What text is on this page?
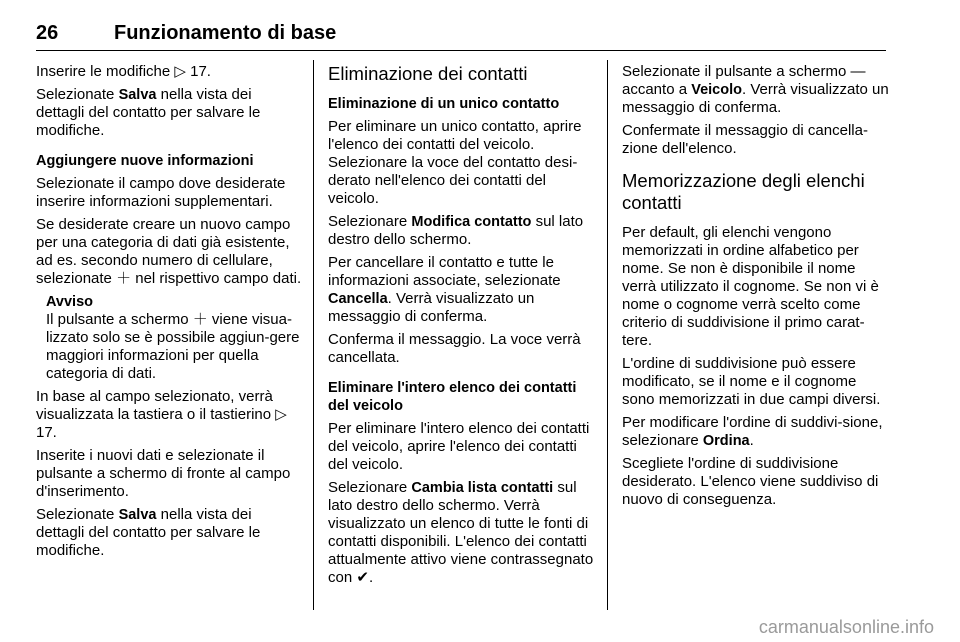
26	Funzionamento di base

Inserire le modifiche ▷ 17.

Selezionate Salva nella vista dei dettagli del contatto per salvare le modifiche.

Aggiungere nuove informazioni

Selezionate il campo dove desiderate inserire informazioni supplementari.

Se desiderate creare un nuovo campo per una categoria di dati già esistente, ad es. secondo numero di cellulare, selezionate ＋ nel rispettivo campo dati.

Avviso

Il pulsante a schermo ＋ viene visua-lizzato solo se è possibile aggiun-gere maggiori informazioni per quella categoria di dati.

In base al campo selezionato, verrà visualizzata la tastiera o il tastierino ▷ 17.

Inserite i nuovi dati e selezionate il pulsante a schermo di fronte al campo d'inserimento.

Selezionate Salva nella vista dei dettagli del contatto per salvare le modifiche.

Eliminazione dei contatti

Eliminazione di un unico contatto

Per eliminare un unico contatto, aprire l'elenco dei contatti del veicolo. Selezionare la voce del contatto desi-derato nell'elenco dei contatti del veicolo.

Selezionare Modifica contatto sul lato destro dello schermo.

Per cancellare il contatto e tutte le informazioni associate, selezionate Cancella. Verrà visualizzato un messaggio di conferma.

Conferma il messaggio. La voce verrà cancellata.

Eliminare l'intero elenco dei contatti del veicolo

Per eliminare l'intero elenco dei contatti del veicolo, aprire l'elenco dei contatti del veicolo.

Selezionare Cambia lista contatti sul lato destro dello schermo. Verrà visualizzato un elenco di tutte le fonti di contatti disponibili. L'elenco dei contatti attualmente attivo viene contrassegnato con ✔.

Selezionate il pulsante a schermo — accanto a Veicolo. Verrà visualizzato un messaggio di conferma.

Confermate il messaggio di cancella-zione dell'elenco.

Memorizzazione degli elenchi contatti

Per default, gli elenchi vengono memorizzati in ordine alfabetico per nome. Se non è disponibile il nome verrà utilizzato il cognome. Se non vi è nome o cognome verrà scelto come criterio di suddivisione il primo carat-tere.

L'ordine di suddivisione può essere modificato, se il nome e il cognome sono memorizzati in due campi diversi.

Per modificare l'ordine di suddivi-sione, selezionare Ordina.

Scegliete l'ordine di suddivisione desiderato. L'elenco viene suddiviso di nuovo di conseguenza.

carmanualsonline.info
